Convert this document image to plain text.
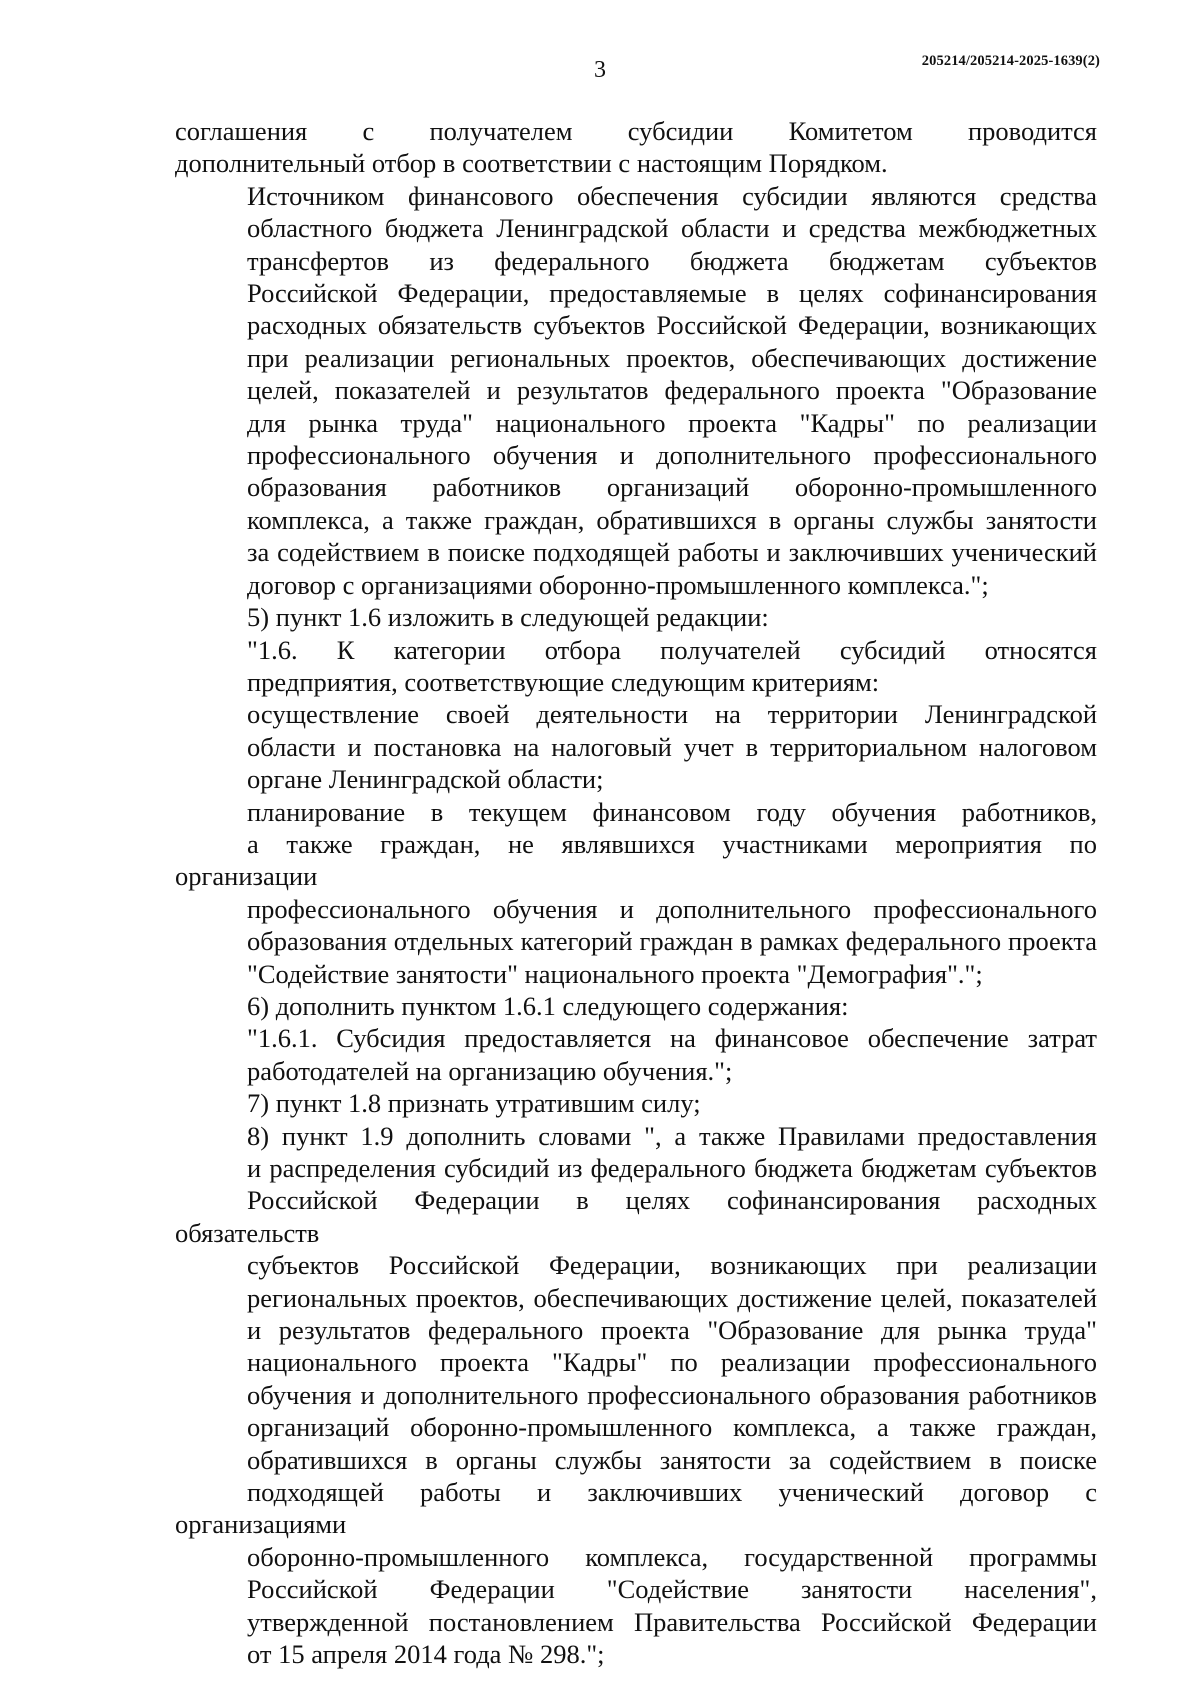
3	205214/205214-2025-1639(2)
соглашения с получателем субсидии Комитетом проводится
дополнительный отбор в соответствии с настоящим Порядком.
Источником финансового обеспечения субсидии являются средства
областного бюджета Ленинградской области и средства межбюджетных
трансфертов из федерального бюджета бюджетам субъектов
Российской Федерации, предоставляемые в целях софинансирования
расходных обязательств субъектов Российской Федерации, возникающих
при реализации региональных проектов, обеспечивающих достижение
целей, показателей и результатов федерального проекта "Образование
для рынка труда" национального проекта "Кадры" по реализации
профессионального обучения и дополнительного профессионального
образования работников организаций оборонно-промышленного
комплекса, а также граждан, обратившихся в органы службы занятости
за содействием в поиске подходящей работы и заключивших ученический
договор с организациями оборонно-промышленного комплекса.";
5) пункт 1.6 изложить в следующей редакции:
"1.6. К категории отбора получателей субсидий относятся
предприятия, соответствующие следующим критериям:
осуществление своей деятельности на территории Ленинградской
области и постановка на налоговый учет в территориальном налоговом
органе Ленинградской области;
планирование в текущем финансовом году обучения работников,
а также граждан, не являвшихся участниками мероприятия по организации
профессионального обучения и дополнительного профессионального
образования отдельных категорий граждан в рамках федерального проекта
"Содействие занятости" национального проекта "Демография".";
6) дополнить пунктом 1.6.1 следующего содержания:
"1.6.1. Субсидия предоставляется на финансовое обеспечение затрат
работодателей на организацию обучения.";
7) пункт 1.8 признать утратившим силу;
8) пункт 1.9 дополнить словами ", а также Правилами предоставления
и распределения субсидий из федерального бюджета бюджетам субъектов
Российской Федерации в целях софинансирования расходных обязательств
субъектов Российской Федерации, возникающих при реализации
региональных проектов, обеспечивающих достижение целей, показателей
и результатов федерального проекта "Образование для рынка труда"
национального проекта "Кадры" по реализации профессионального
обучения и дополнительного профессионального образования работников
организаций оборонно-промышленного комплекса, а также граждан,
обратившихся в органы службы занятости за содействием в поиске
подходящей работы и заключивших ученический договор с организациями
оборонно-промышленного комплекса, государственной программы
Российской Федерации "Содействие занятости населения",
утвержденной постановлением Правительства Российской Федерации
от 15 апреля 2014 года № 298.";
